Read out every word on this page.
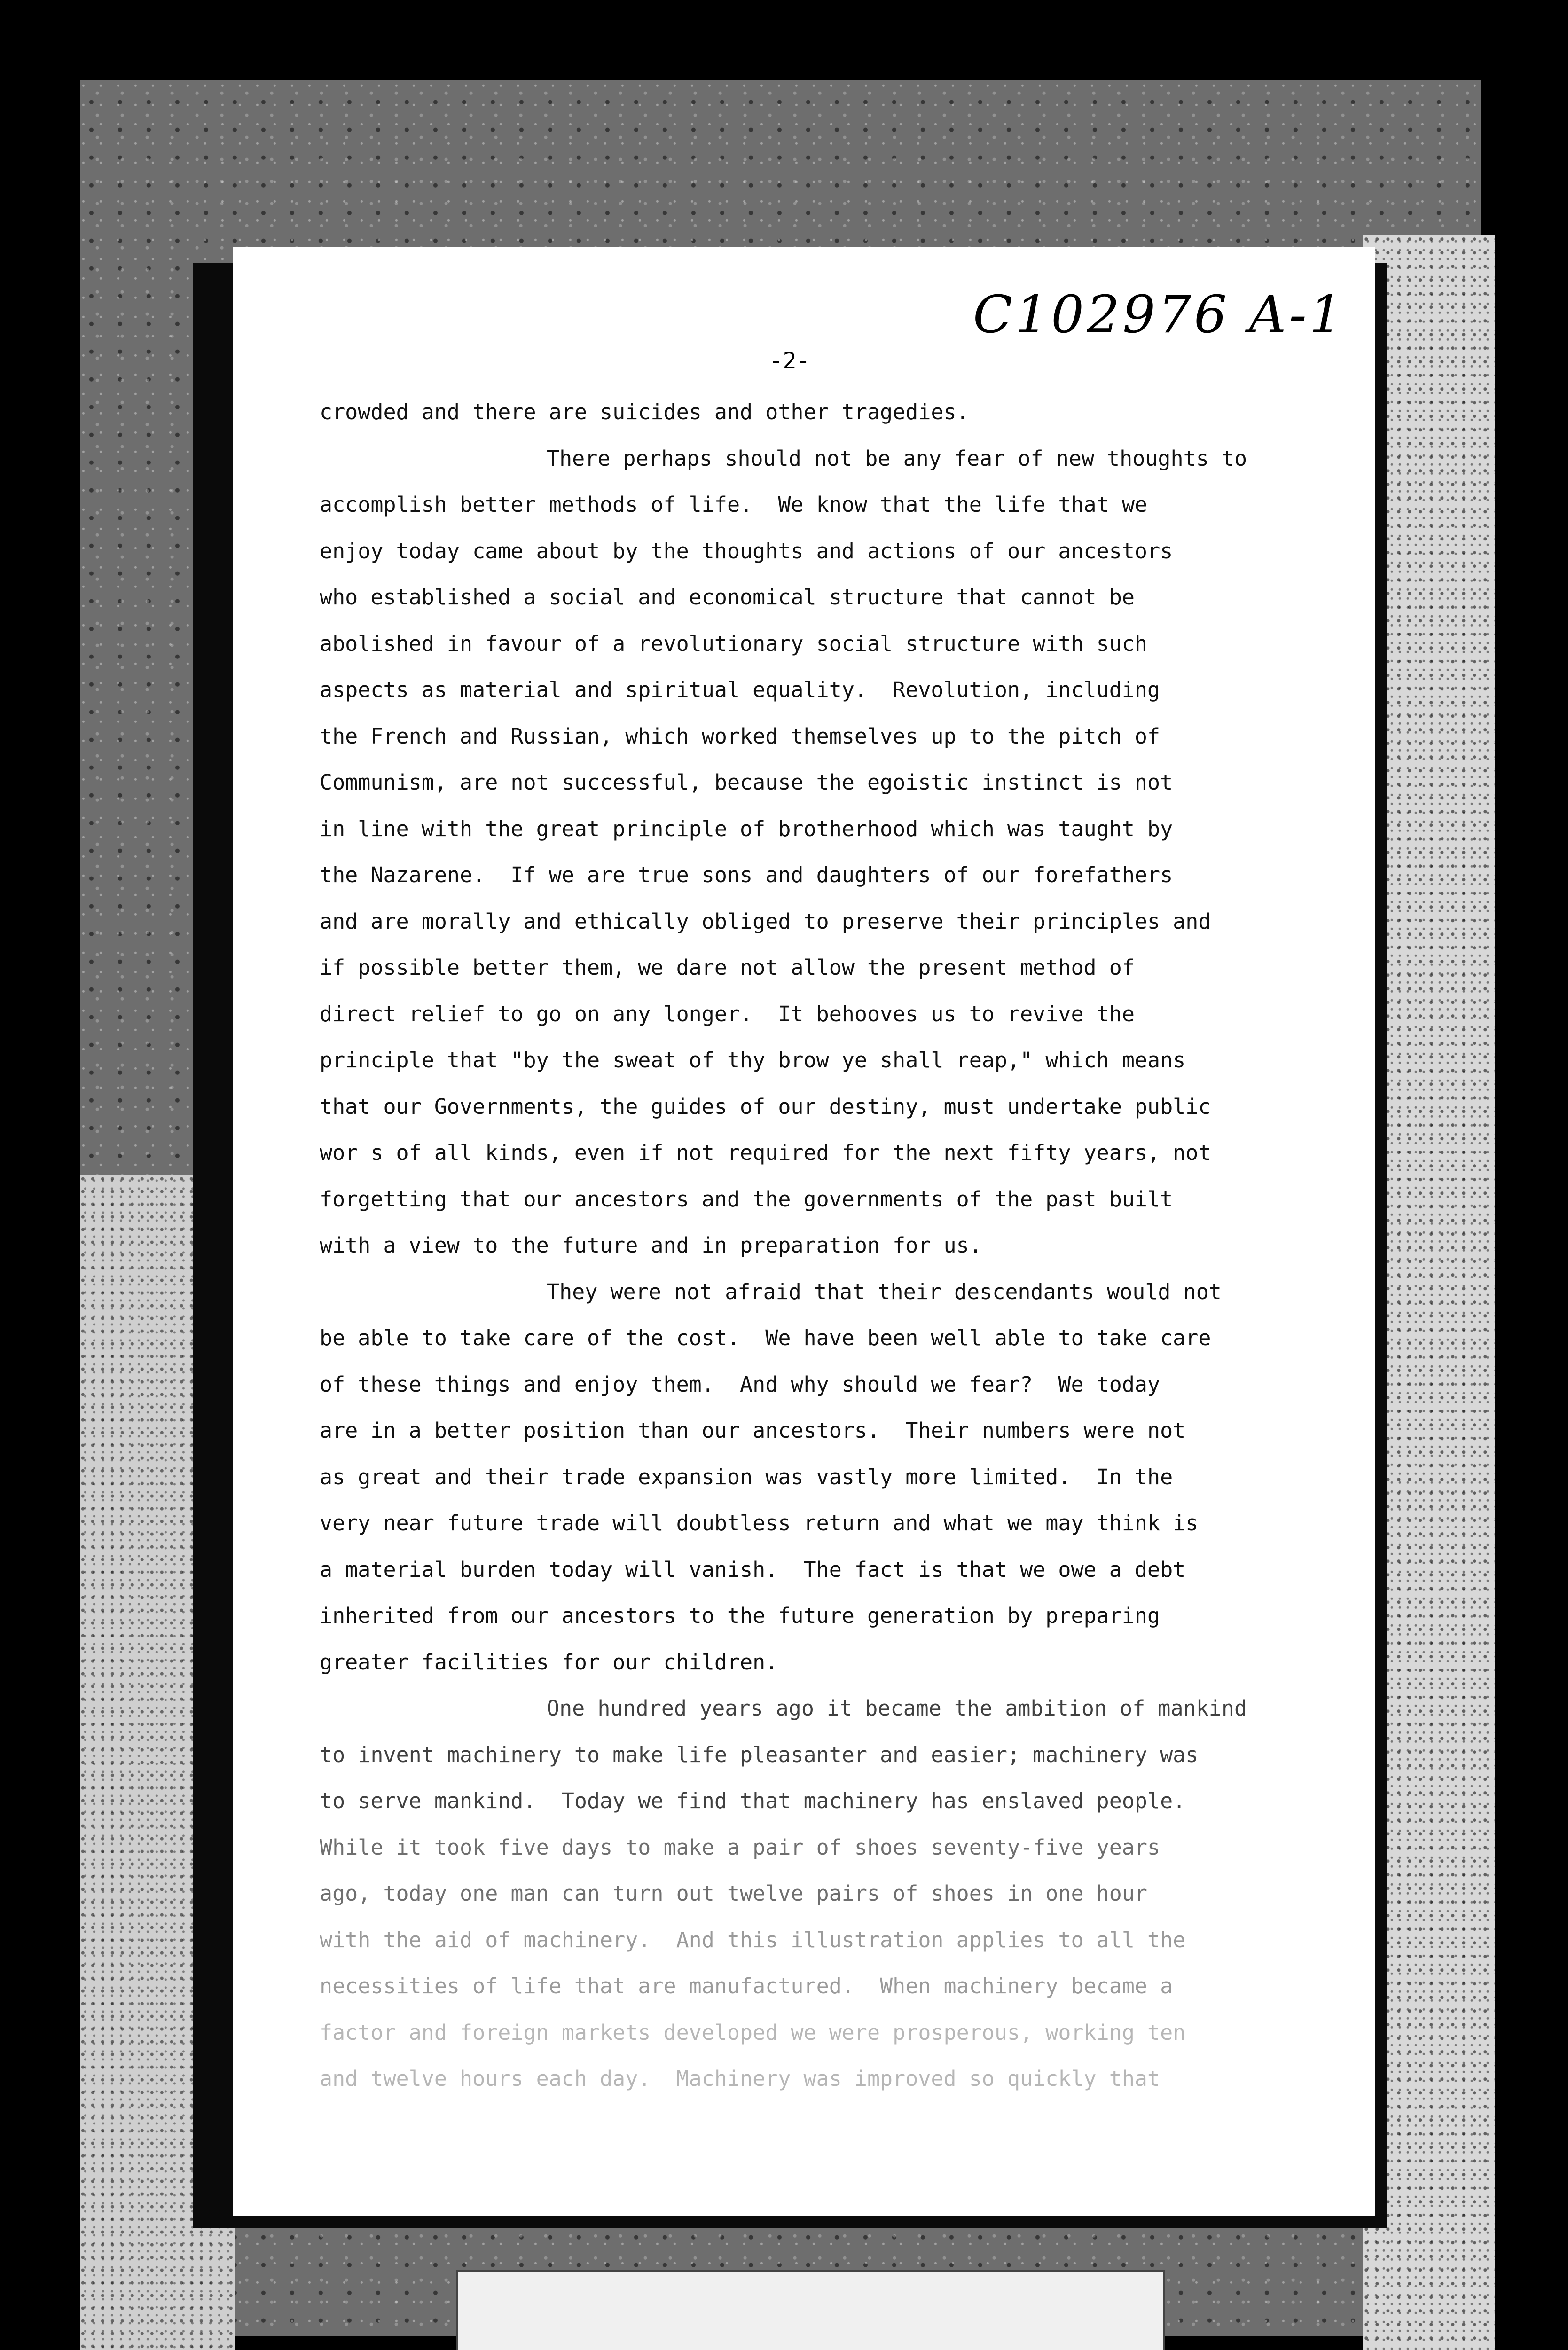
C102976 A-1
-2-
crowded and there are suicides and other tragedies.
There perhaps should not be any fear of new thoughts to
accomplish better methods of life.  We know that the life that we
enjoy today came about by the thoughts and actions of our ancestors
who established a social and economical structure that cannot be
abolished in favour of a revolutionary social structure with such
aspects as material and spiritual equality.  Revolution, including
the French and Russian, which worked themselves up to the pitch of
Communism, are not successful, because the egoistic instinct is not
in line with the great principle of brotherhood which was taught by
the Nazarene.  If we are true sons and daughters of our forefathers
and are morally and ethically obliged to preserve their principles and
if possible better them, we dare not allow the present method of
direct relief to go on any longer.  It behooves us to revive the
principle that "by the sweat of thy brow ye shall reap," which means
that our Governments, the guides of our destiny, must undertake public
wor s of all kinds, even if not required for the next fifty years, not
forgetting that our ancestors and the governments of the past built
with a view to the future and in preparation for us.
They were not afraid that their descendants would not
be able to take care of the cost.  We have been well able to take care
of these things and enjoy them.  And why should we fear?  We today
are in a better position than our ancestors.  Their numbers were not
as great and their trade expansion was vastly more limited.  In the
very near future trade will doubtless return and what we may think is
a material burden today will vanish.  The fact is that we owe a debt
inherited from our ancestors to the future generation by preparing
greater facilities for our children.
One hundred years ago it became the ambition of mankind
to invent machinery to make life pleasanter and easier; machinery was
to serve mankind.  Today we find that machinery has enslaved people.
While it took five days to make a pair of shoes seventy-five years
ago, today one man can turn out twelve pairs of shoes in one hour
with the aid of machinery.  And this illustration applies to all the
necessities of life that are manufactured.  When machinery became a
factor and foreign markets developed we were prosperous, working ten
and twelve hours each day.  Machinery was improved so quickly that
